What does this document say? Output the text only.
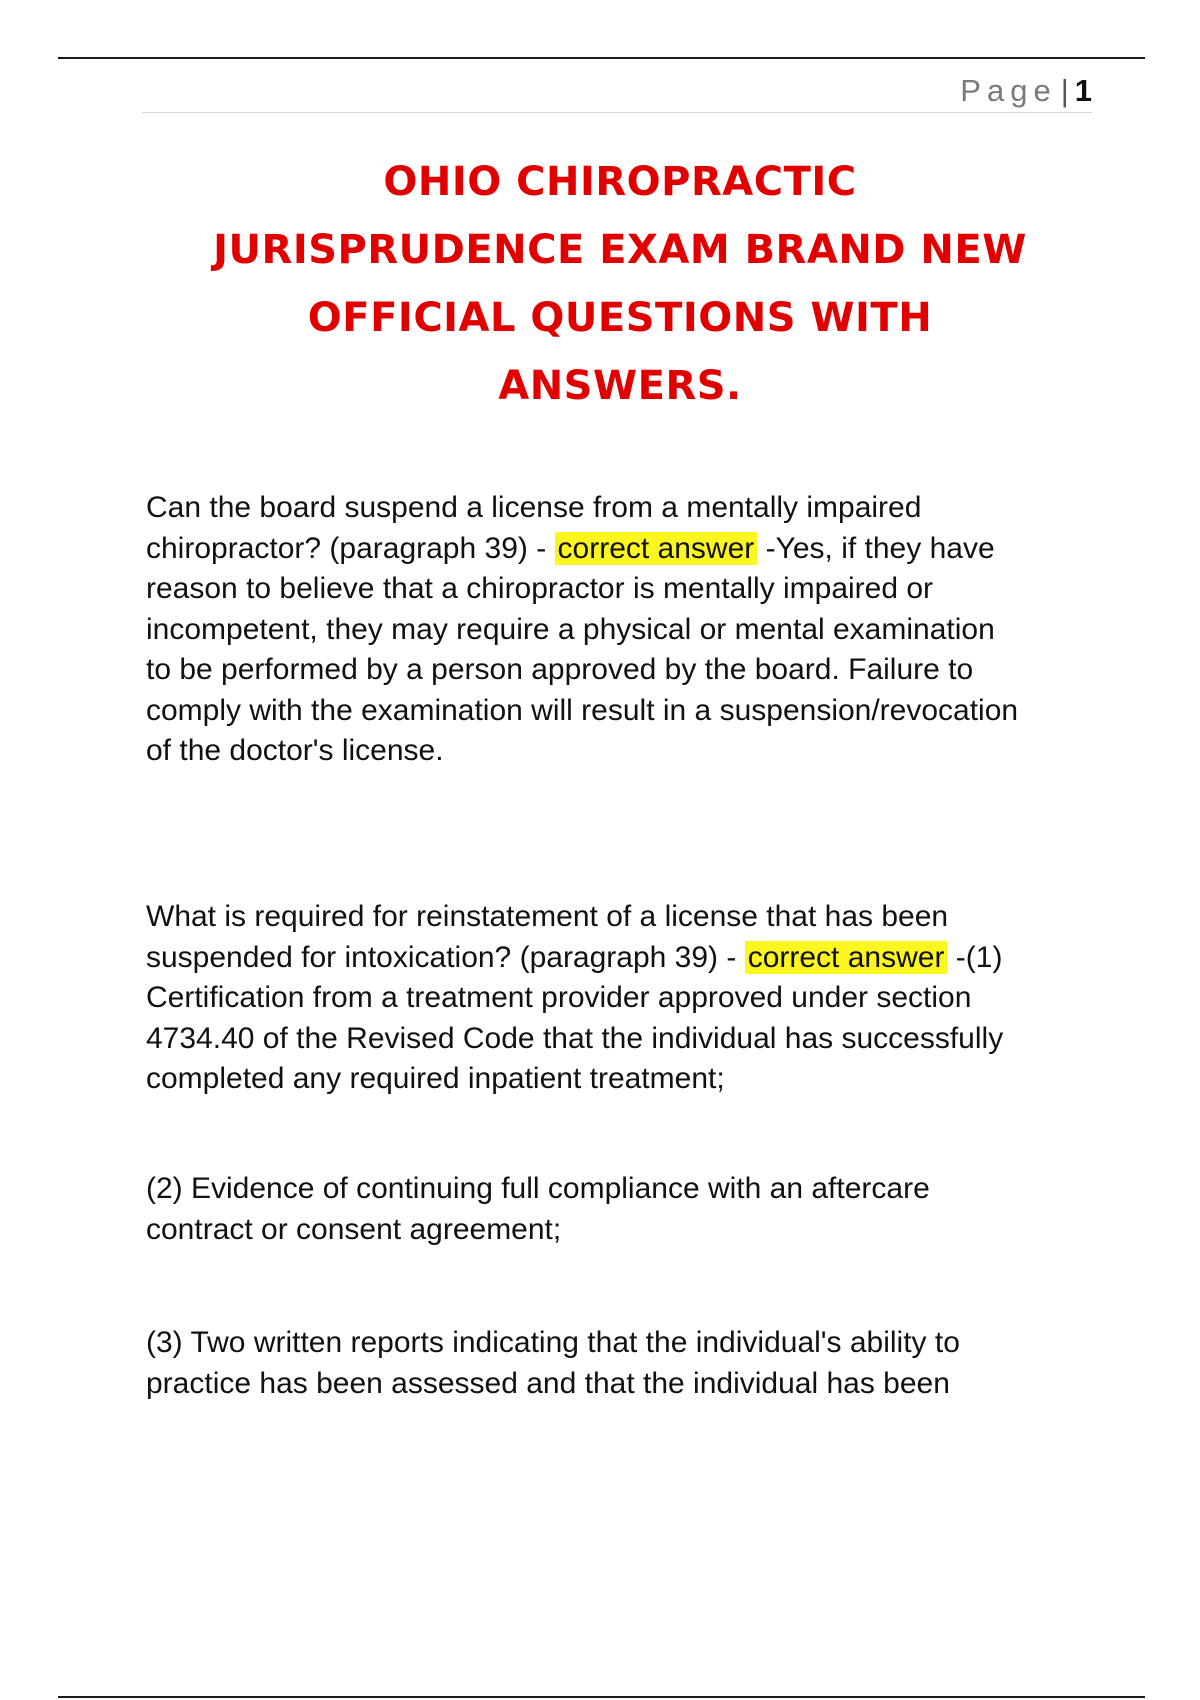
Page | 1
OHIO CHIROPRACTIC
JURISPRUDENCE EXAM BRAND NEW
OFFICIAL QUESTIONS WITH
ANSWERS.
Can the board suspend a license from a mentally impaired
chiropractor? (paragraph 39) - correct answer -Yes, if they have
reason to believe that a chiropractor is mentally impaired or
incompetent, they may require a physical or mental examination
to be performed by a person approved by the board. Failure to
comply with the examination will result in a suspension/revocation
of the doctor's license.
What is required for reinstatement of a license that has been
suspended for intoxication? (paragraph 39) - correct answer -(1)
Certification from a treatment provider approved under section
4734.40 of the Revised Code that the individual has successfully
completed any required inpatient treatment;
(2) Evidence of continuing full compliance with an aftercare
contract or consent agreement;
(3) Two written reports indicating that the individual's ability to
practice has been assessed and that the individual has been
